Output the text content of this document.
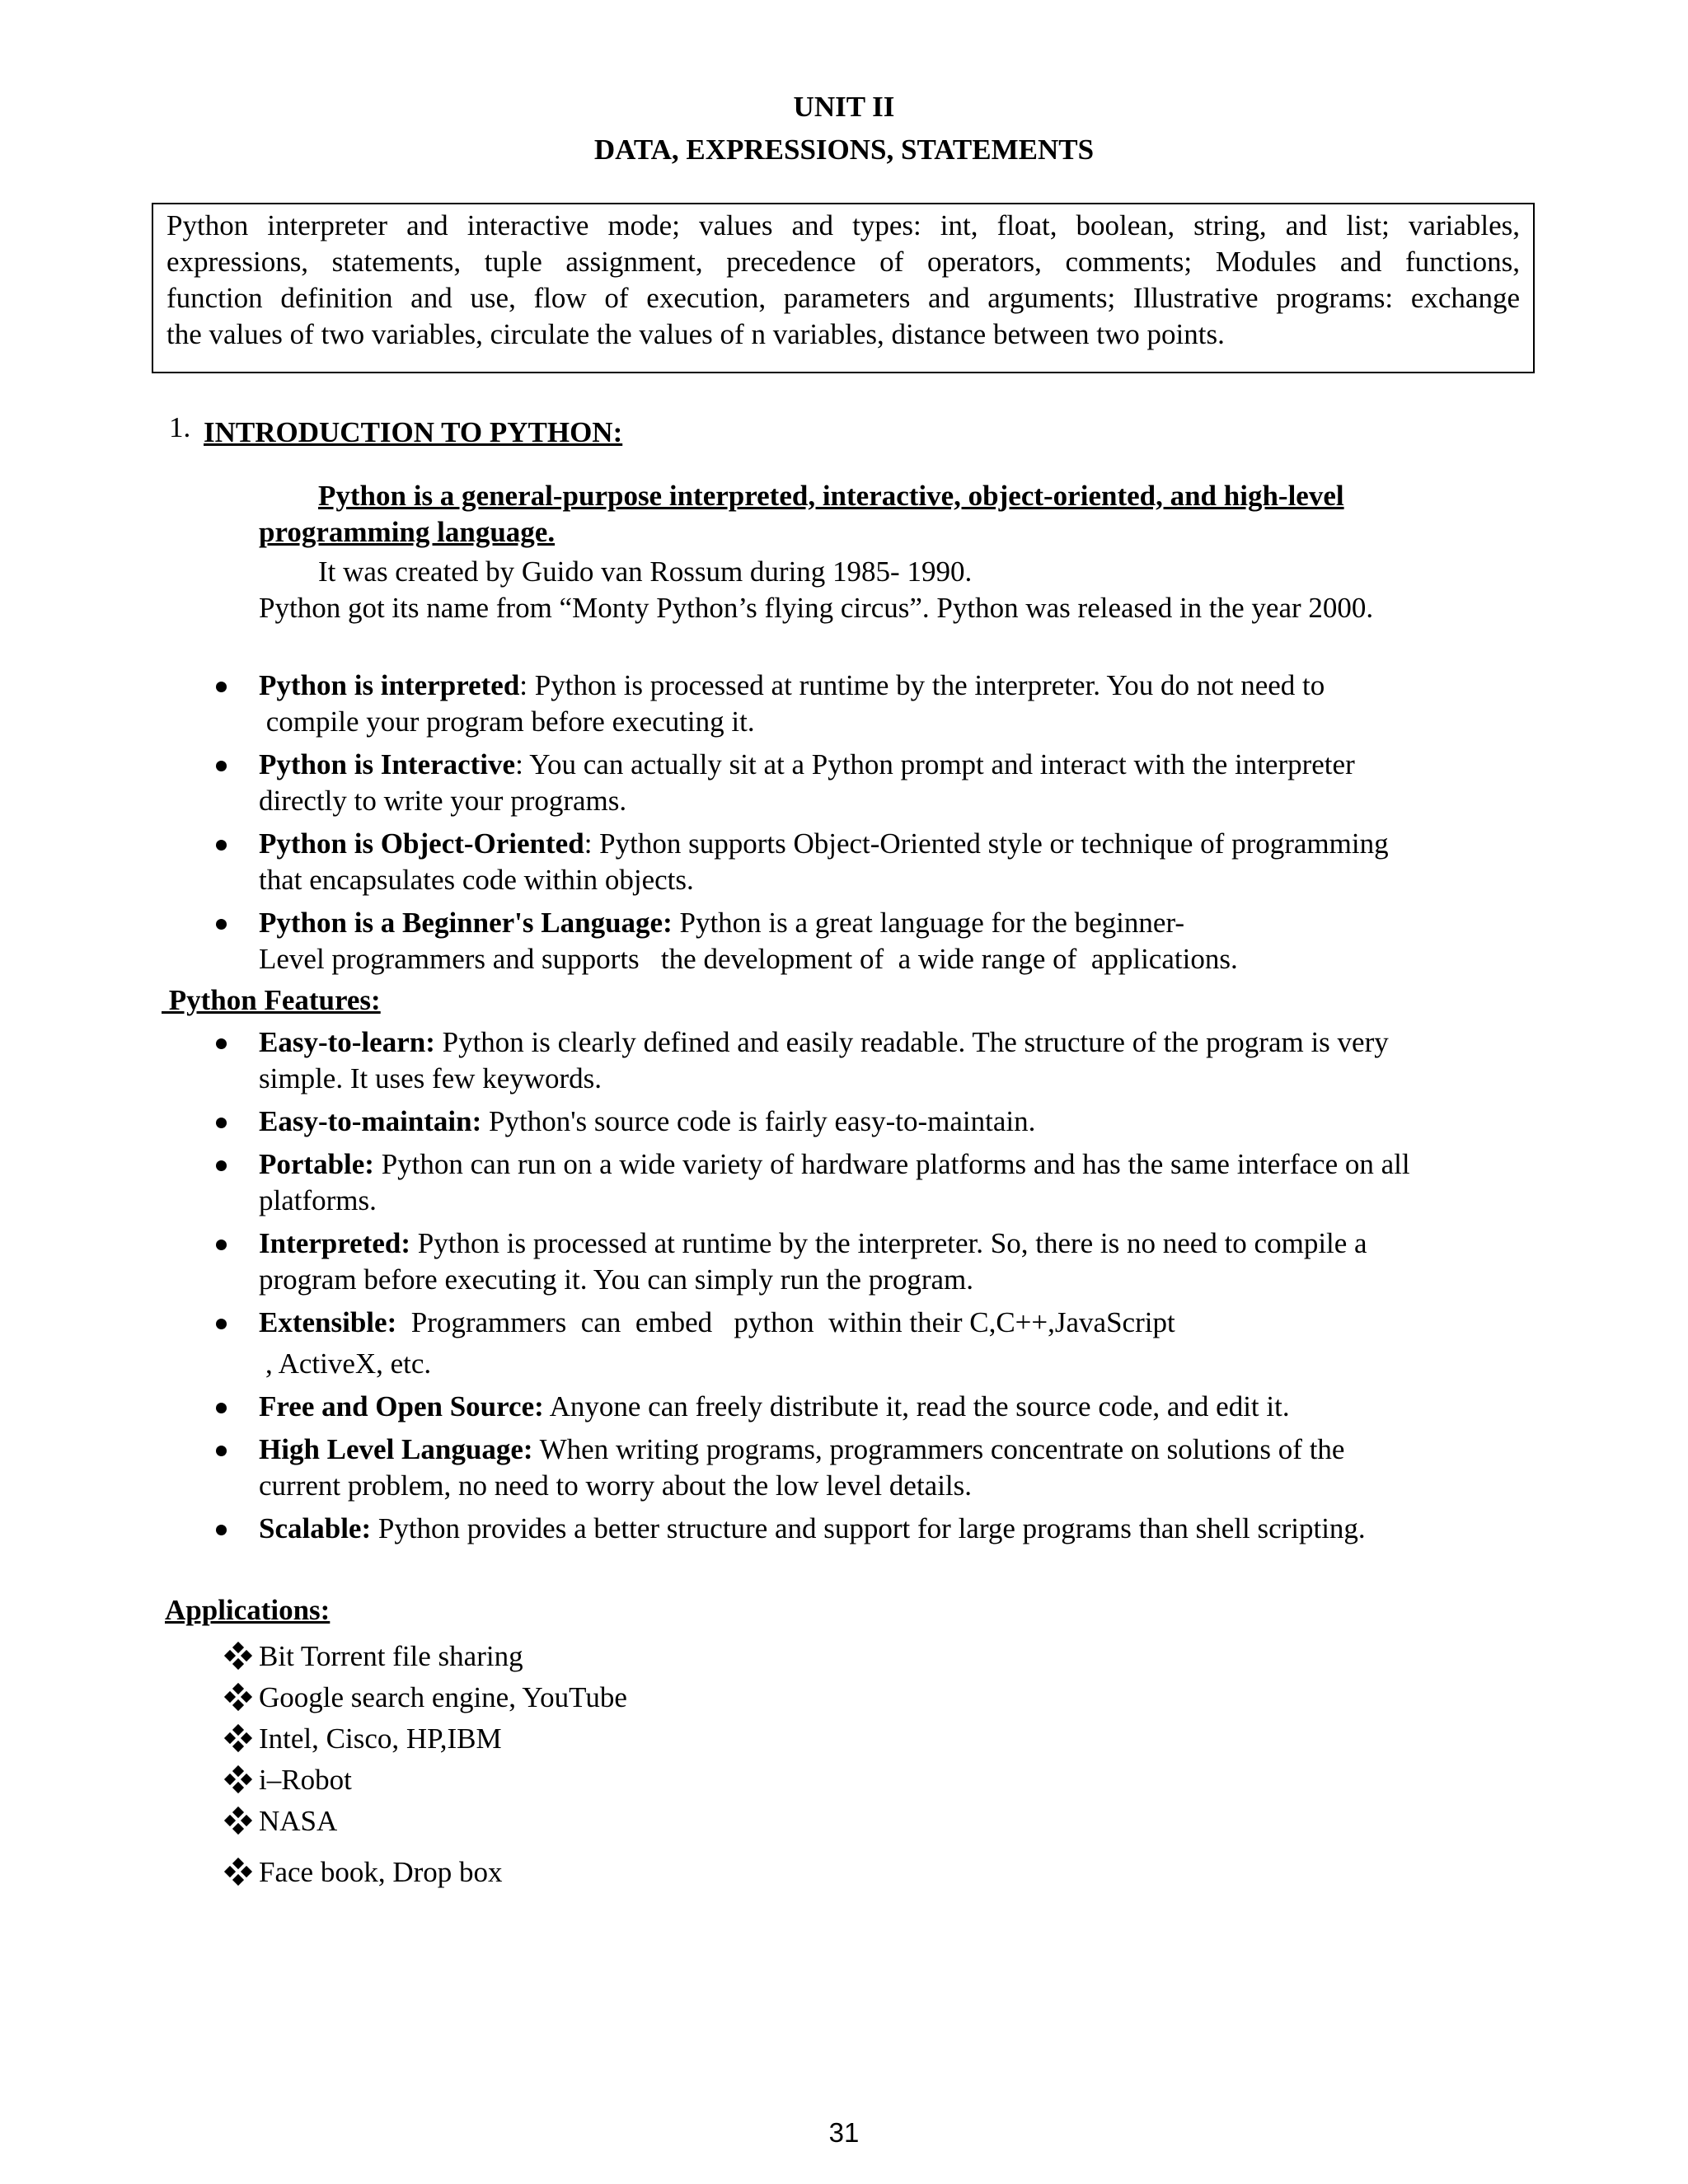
UNIT II
DATA, EXPRESSIONS, STATEMENTS
Python interpreter and interactive mode; values and types: int, float, boolean, string, and list; variables,
expressions, statements, tuple assignment, precedence of operators, comments; Modules and functions,
function definition and use, flow of execution, parameters and arguments; Illustrative programs: exchange
the values of two variables, circulate the values of n variables, distance between two points.
1. INTRODUCTION TO PYTHON:
Python is a general-purpose interpreted, interactive, object-oriented, and high-level
programming language.
It was created by Guido van Rossum during 1985- 1990.
Python got its name from “Monty Python’s flying circus”. Python was released in the year 2000.
Python is interpreted: Python is processed at runtime by the interpreter. You do not need to
compile your program before executing it.
Python is Interactive: You can actually sit at a Python prompt and interact with the interpreter
directly to write your programs.
Python is Object-Oriented: Python supports Object-Oriented style or technique of programming
that encapsulates code within objects.
Python is a Beginner's Language: Python is a great language for the beginner-
Level programmers and supports   the development of  a wide range of  applications.
Python Features:
Easy-to-learn: Python is clearly defined and easily readable. The structure of the program is very
simple. It uses few keywords.
Easy-to-maintain: Python's source code is fairly easy-to-maintain.
Portable: Python can run on a wide variety of hardware platforms and has the same interface on all
platforms.
Interpreted: Python is processed at runtime by the interpreter. So, there is no need to compile a
program before executing it. You can simply run the program.
Extensible:  Programmers  can  embed   python  within their C,C++,JavaScript
, ActiveX, etc.
Free and Open Source: Anyone can freely distribute it, read the source code, and edit it.
High Level Language: When writing programs, programmers concentrate on solutions of the
current problem, no need to worry about the low level details.
Scalable: Python provides a better structure and support for large programs than shell scripting.
Applications:
Bit Torrent file sharing
Google search engine, YouTube
Intel, Cisco, HP,IBM
i–Robot
NASA
Face book, Drop box
31
